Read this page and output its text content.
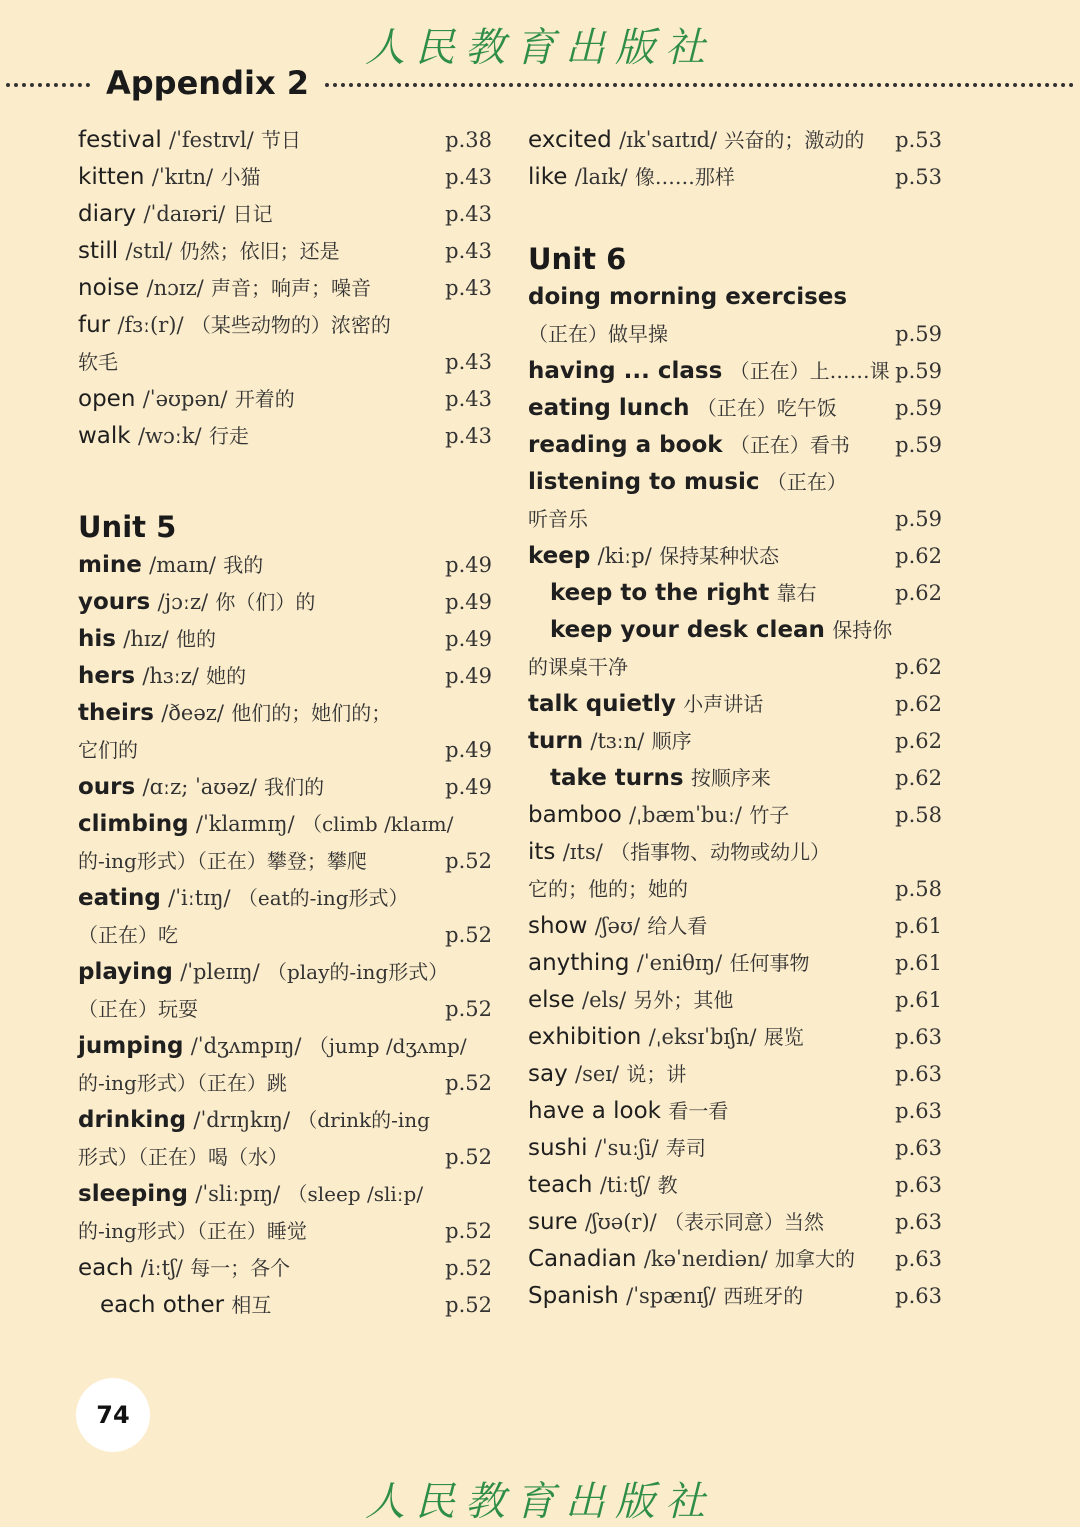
人民教育出版社
Appendix 2
festival /ˈfestɪvl/ 节日	p.38
kitten /ˈkɪtn/ 小猫	p.43
diary /ˈdaɪəri/ 日记	p.43
still /stɪl/ 仍然；依旧；还是	p.43
noise /nɔɪz/ 声音；响声；噪音	p.43
fur /fɜː(r)/ （某些动物的）浓密的
软毛	p.43
open /ˈəʊpən/ 开着的	p.43
walk /wɔːk/ 行走	p.43
Unit 5
mine /maɪn/ 我的	p.49
yours /jɔːz/ 你（们）的	p.49
his /hɪz/ 他的	p.49
hers /hɜːz/ 她的	p.49
theirs /ðeəz/ 他们的；她们的；
它们的	p.49
ours /ɑːz; ˈaʊəz/ 我们的	p.49
climbing /ˈklaɪmɪŋ/ （climb /klaɪm/
的-ing形式）（正在）攀登；攀爬	p.52
eating /ˈiːtɪŋ/ （eat的-ing形式）
（正在）吃	p.52
playing /ˈpleɪɪŋ/ （play的-ing形式）
（正在）玩耍	p.52
jumping /ˈdʒʌmpɪŋ/ （jump /dʒʌmp/
的-ing形式）（正在）跳	p.52
drinking /ˈdrɪŋkɪŋ/ （drink的-ing
形式）（正在）喝（水）	p.52
sleeping /ˈsliːpɪŋ/ （sleep /sliːp/
的-ing形式）（正在）睡觉	p.52
each /iːtʃ/ 每一；各个	p.52
each other 相互	p.52
excited /ɪkˈsaɪtɪd/ 兴奋的；激动的 p.53
like /laɪk/ 像……那样	p.53
Unit 6
doing morning exercises
（正在）做早操	p.59
having ... class （正在）上……课 p.59
eating lunch （正在）吃午饭	p.59
reading a book （正在）看书 p.59
listening to music （正在）
听音乐	p.59
keep /kiːp/ 保持某种状态	p.62
keep to the right 靠右	p.62
keep your desk clean 保持你
的课桌干净	p.62
talk quietly 小声讲话	p.62
turn /tɜːn/ 顺序	p.62
take turns 按顺序来	p.62
bamboo /ˌbæmˈbuː/ 竹子	p.58
its /ɪts/ （指事物、动物或幼儿）
它的；他的；她的	p.58
show /ʃəʊ/ 给人看	p.61
anything /ˈeniθɪŋ/ 任何事物	p.61
else /els/ 另外；其他	p.61
exhibition /ˌeksɪˈbɪʃn/ 展览	p.63
say /seɪ/ 说；讲	p.63
have a look 看一看	p.63
sushi /ˈsuːʃi/ 寿司	p.63
teach /tiːtʃ/ 教	p.63
sure /ʃʊə(r)/ （表示同意）当然	p.63
Canadian /kəˈneɪdiən/ 加拿大的 p.63
Spanish /ˈspænɪʃ/ 西班牙的	p.63
74
人民教育出版社
